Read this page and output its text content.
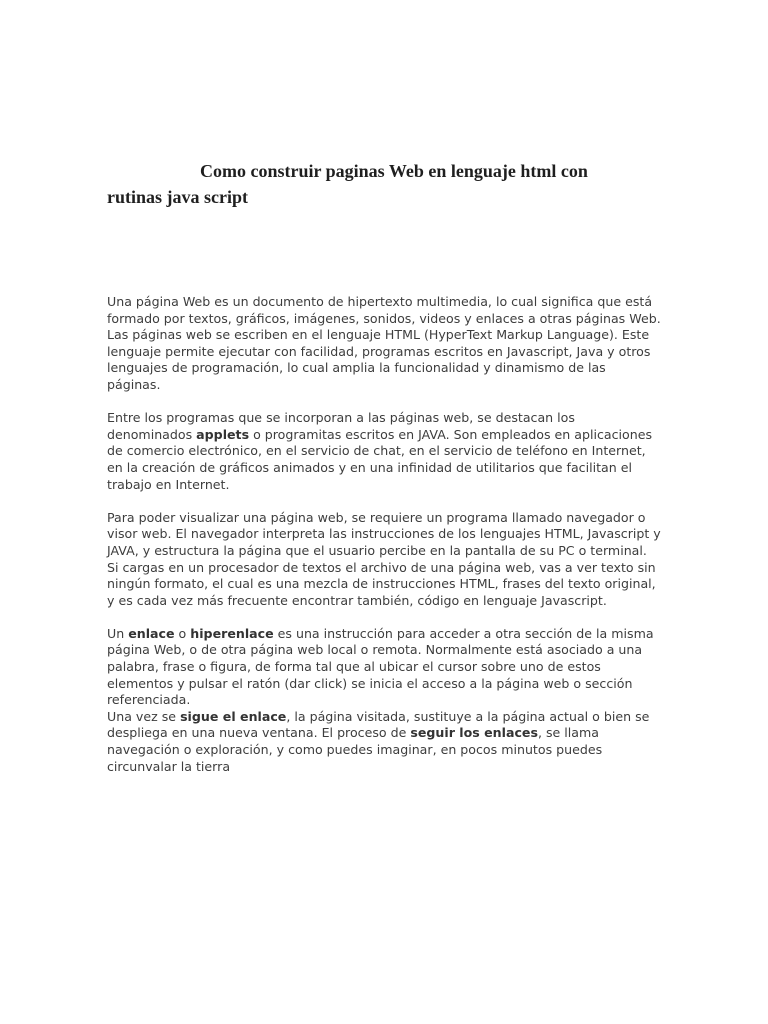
Como construir paginas Web en lenguaje html con
rutinas java script
Una página Web es un documento de hipertexto multimedia, lo cual significa que está formado por textos, gráficos, imágenes, sonidos, videos y enlaces a otras páginas Web.
Las páginas web se escriben en el lenguaje HTML (HyperText Markup Language). Este lenguaje permite ejecutar con facilidad, programas escritos en Javascript, Java y otros lenguajes de programación, lo cual amplia la funcionalidad y dinamismo de las páginas.
Entre los programas que se incorporan a las páginas web, se destacan los denominados applets o programitas escritos en JAVA. Son empleados en aplicaciones de comercio electrónico, en el servicio de chat, en el servicio de teléfono en Internet, en la creación de gráficos animados y en una infinidad de utilitarios que facilitan el trabajo en Internet.
Para poder visualizar una página web, se requiere un programa llamado navegador o visor web. El navegador interpreta las instrucciones de los lenguajes HTML, Javascript y JAVA, y estructura la página que el usuario percibe en la pantalla de su PC o terminal.
Si cargas en un procesador de textos el archivo de una página web, vas a ver texto sin ningún formato, el cual es una mezcla de instrucciones HTML, frases del texto original, y es cada vez más frecuente encontrar también, código en lenguaje Javascript.
Un enlace o hiperenlace es una instrucción para acceder a otra sección de la misma página Web, o de otra página web local o remota. Normalmente está asociado a una palabra, frase o figura, de forma tal que al ubicar el cursor sobre uno de estos elementos y pulsar el ratón (dar click) se inicia el acceso a la página web o sección referenciada.
Una vez se sigue el enlace, la página visitada, sustituye a la página actual o bien se despliega en una nueva ventana. El proceso de seguir los enlaces, se llama navegación o exploración, y como puedes imaginar, en pocos minutos puedes circunvalar la tierra
